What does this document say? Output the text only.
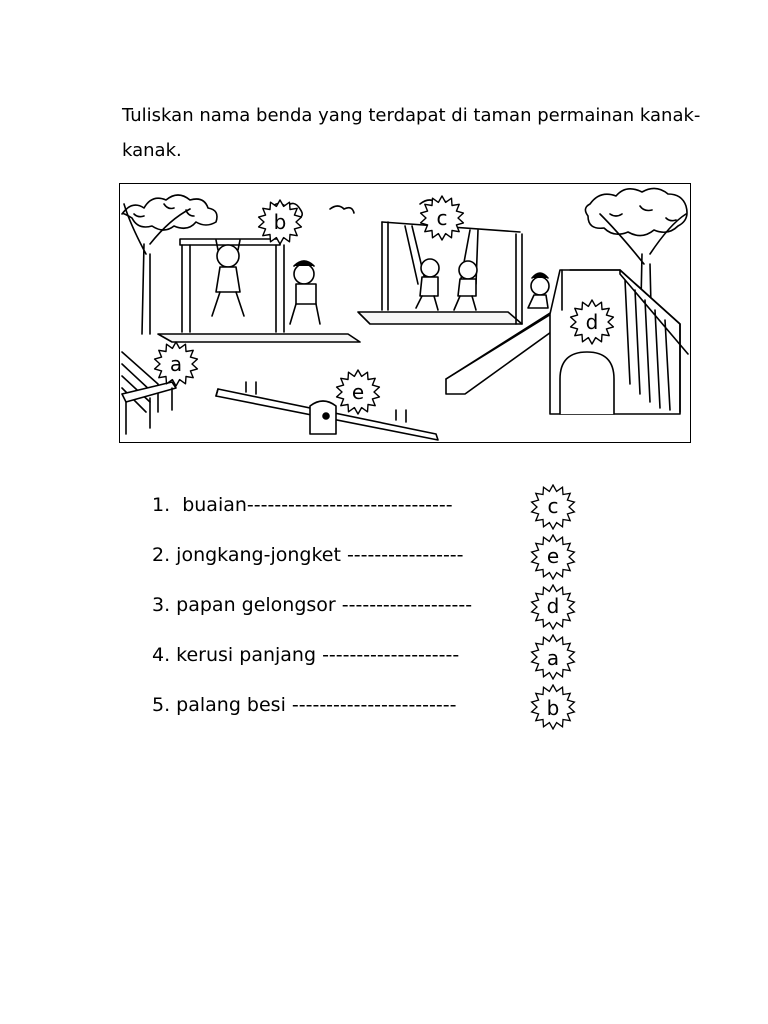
Tuliskan nama benda yang terdapat di taman permainan kanak-kanak.

a
b	c
d
e
1.  buaian------------------------------	c
2. jongkang-jongket -----------------	e
3. papan gelongsor -------------------	d
4. kerusi panjang --------------------	a
5. palang besi ------------------------	b
